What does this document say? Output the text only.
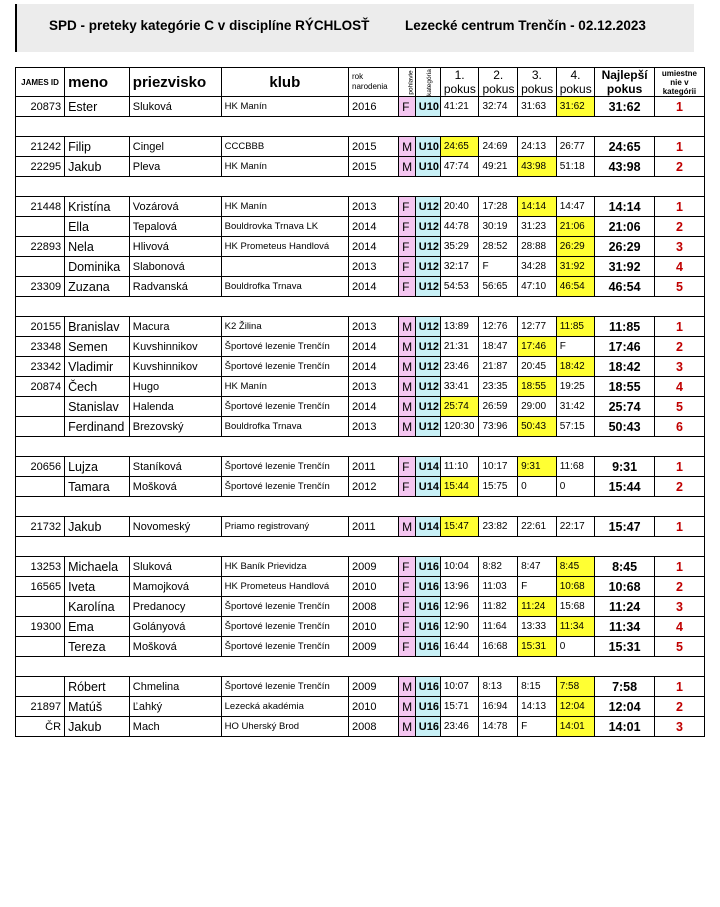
SPD - preteky kategórie C v disciplíne RÝCHLOSŤ	Lezecké centrum Trenčín - 02.12.2023
JAMES ID	meno	priezvisko	klub	rok narodenia	pohlavie	kategória	1. pokus	2. pokus	3. pokus	4. pokus	Najlepší pokus	umiestne nie v kategórii
20873	Ester	Sluková	HK Manín	2016	F	U10	41:21	32:74	31:63	31:62	31:62	1

21242	Filip	Cingel	CCCBBB	2015	M	U10	24:65	24:69	24:13	26:77	24:65	1
22295	Jakub	Pleva	HK Manín	2015	M	U10	47:74	49:21	43:98	51:18	43:98	2

21448	Kristína	Vozárová	HK Manín	2013	F	U12	20:40	17:28	14:14	14:47	14:14	1
	Ella	Tepalová	Bouldrovka Trnava LK	2014	F	U12	44:78	30:19	31:23	21:06	21:06	2
22893	Nela	Hlivová	HK Prometeus Handlová	2014	F	U12	35:29	28:52	28:88	26:29	26:29	3
	Dominika	Slabonová		2013	F	U12	32:17	F	34:28	31:92	31:92	4
23309	Zuzana	Radvanská	Bouldrofka Trnava	2014	F	U12	54:53	56:65	47:10	46:54	46:54	5

20155	Branislav	Macura	K2 Žilina	2013	M	U12	13:89	12:76	12:77	11:85	11:85	1
23348	Semen	Kuvshinnikov	Športové lezenie Trenčín	2014	M	U12	21:31	18:47	17:46	F	17:46	2
23342	Vladimir	Kuvshinnikov	Športové lezenie Trenčín	2014	M	U12	23:46	21:87	20:45	18:42	18:42	3
20874	Čech	Hugo	HK Manín	2013	M	U12	33:41	23:35	18:55	19:25	18:55	4
	Stanislav	Halenda	Športové lezenie Trenčín	2014	M	U12	25:74	26:59	29:00	31:42	25:74	5
	Ferdinand	Brezovský	Bouldrofka Trnava	2013	M	U12	120:30	73:96	50:43	57:15	50:43	6

20656	Lujza	Staníková	Športové lezenie Trenčín	2011	F	U14	11:10	10:17	9:31	11:68	9:31	1
	Tamara	Mošková	Športové lezenie Trenčín	2012	F	U14	15:44	15:75	0	0	15:44	2

21732	Jakub	Novomeský	Priamo registrovaný	2011	M	U14	15:47	23:82	22:61	22:17	15:47	1

13253	Michaela	Sluková	HK Baník Prievidza	2009	F	U16	10:04	8:82	8:47	8:45	8:45	1
16565	Iveta	Mamojková	HK Prometeus Handlová	2010	F	U16	13:96	11:03	F	10:68	10:68	2
	Karolína	Predanocy	Športové lezenie Trenčín	2008	F	U16	12:96	11:82	11:24	15:68	11:24	3
19300	Ema	Golányová	Športové lezenie Trenčín	2010	F	U16	12:90	11:64	13:33	11:34	11:34	4
	Tereza	Mošková	Športové lezenie Trenčín	2009	F	U16	16:44	16:68	15:31	0	15:31	5

	Róbert	Chmelina	Športové lezenie Trenčín	2009	M	U16	10:07	8:13	8:15	7:58	7:58	1
21897	Matúš	Ľahký	Lezecká akadémia	2010	M	U16	15:71	16:94	14:13	12:04	12:04	2
ČR	Jakub	Mach	HO Uherský Brod	2008	M	U16	23:46	14:78	F	14:01	14:01	3
